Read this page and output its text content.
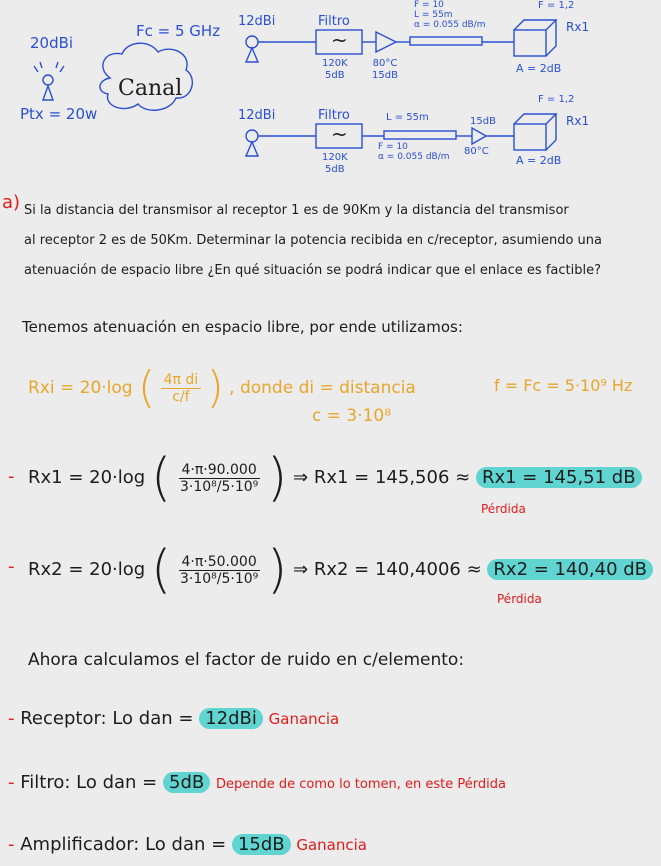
20dBi
Ptx = 20w
Canal
Fc = 5 GHz
12dBi	Filtro
~
120K
5dB
80°C
15dB
F = 10
L = 55m
α = 0.055 dB/m
F = 1,2
Rx1
A = 2dB
12dBi	Filtro
~
120K
5dB
L = 55m
F = 10
α = 0.055 dB/m
15dB
80°C
F = 1,2
Rx1
A = 2dB
a) Si la distancia del transmisor al receptor 1 es de 90Km y la distancia del transmisor
al receptor 2 es de 50Km. Determinar la potencia recibida en c/receptor, asumiendo una
atenuación de espacio libre ¿En qué situación se podrá indicar que el enlace es factible?
Tenemos atenuación en espacio libre, por ende utilizamos:
Rxi = 20·log ( $\frac{\text{4π di}}{c/f}$ ) , donde di = distancia
c = 3·10⁸
f = Fc = 5·10⁹ Hz
- Rx1 = 20·log ( $\frac{4\cdot\pi\cdot 90.000}{\text{3·10⁸/5·10⁹}}$ ) ⇒ Rx1 = 145,506 ≈ Rx1 = 145,51 dB
Pérdida
- Rx2 = 20·log ( $\frac{4\cdot\pi\cdot 50.000}{\text{3·10⁸/5·10⁹}}$ ) ⇒ Rx2 = 140,4006 ≈ Rx2 = 140,40 dB
Pérdida
Ahora calculamos el factor de ruido en c/elemento:
- Receptor: Lo dan = 12dBi Ganancia
- Filtro: Lo dan = 5dB Depende de como lo tomen, en este Pérdida
- Amplificador: Lo dan = 15dB Ganancia
